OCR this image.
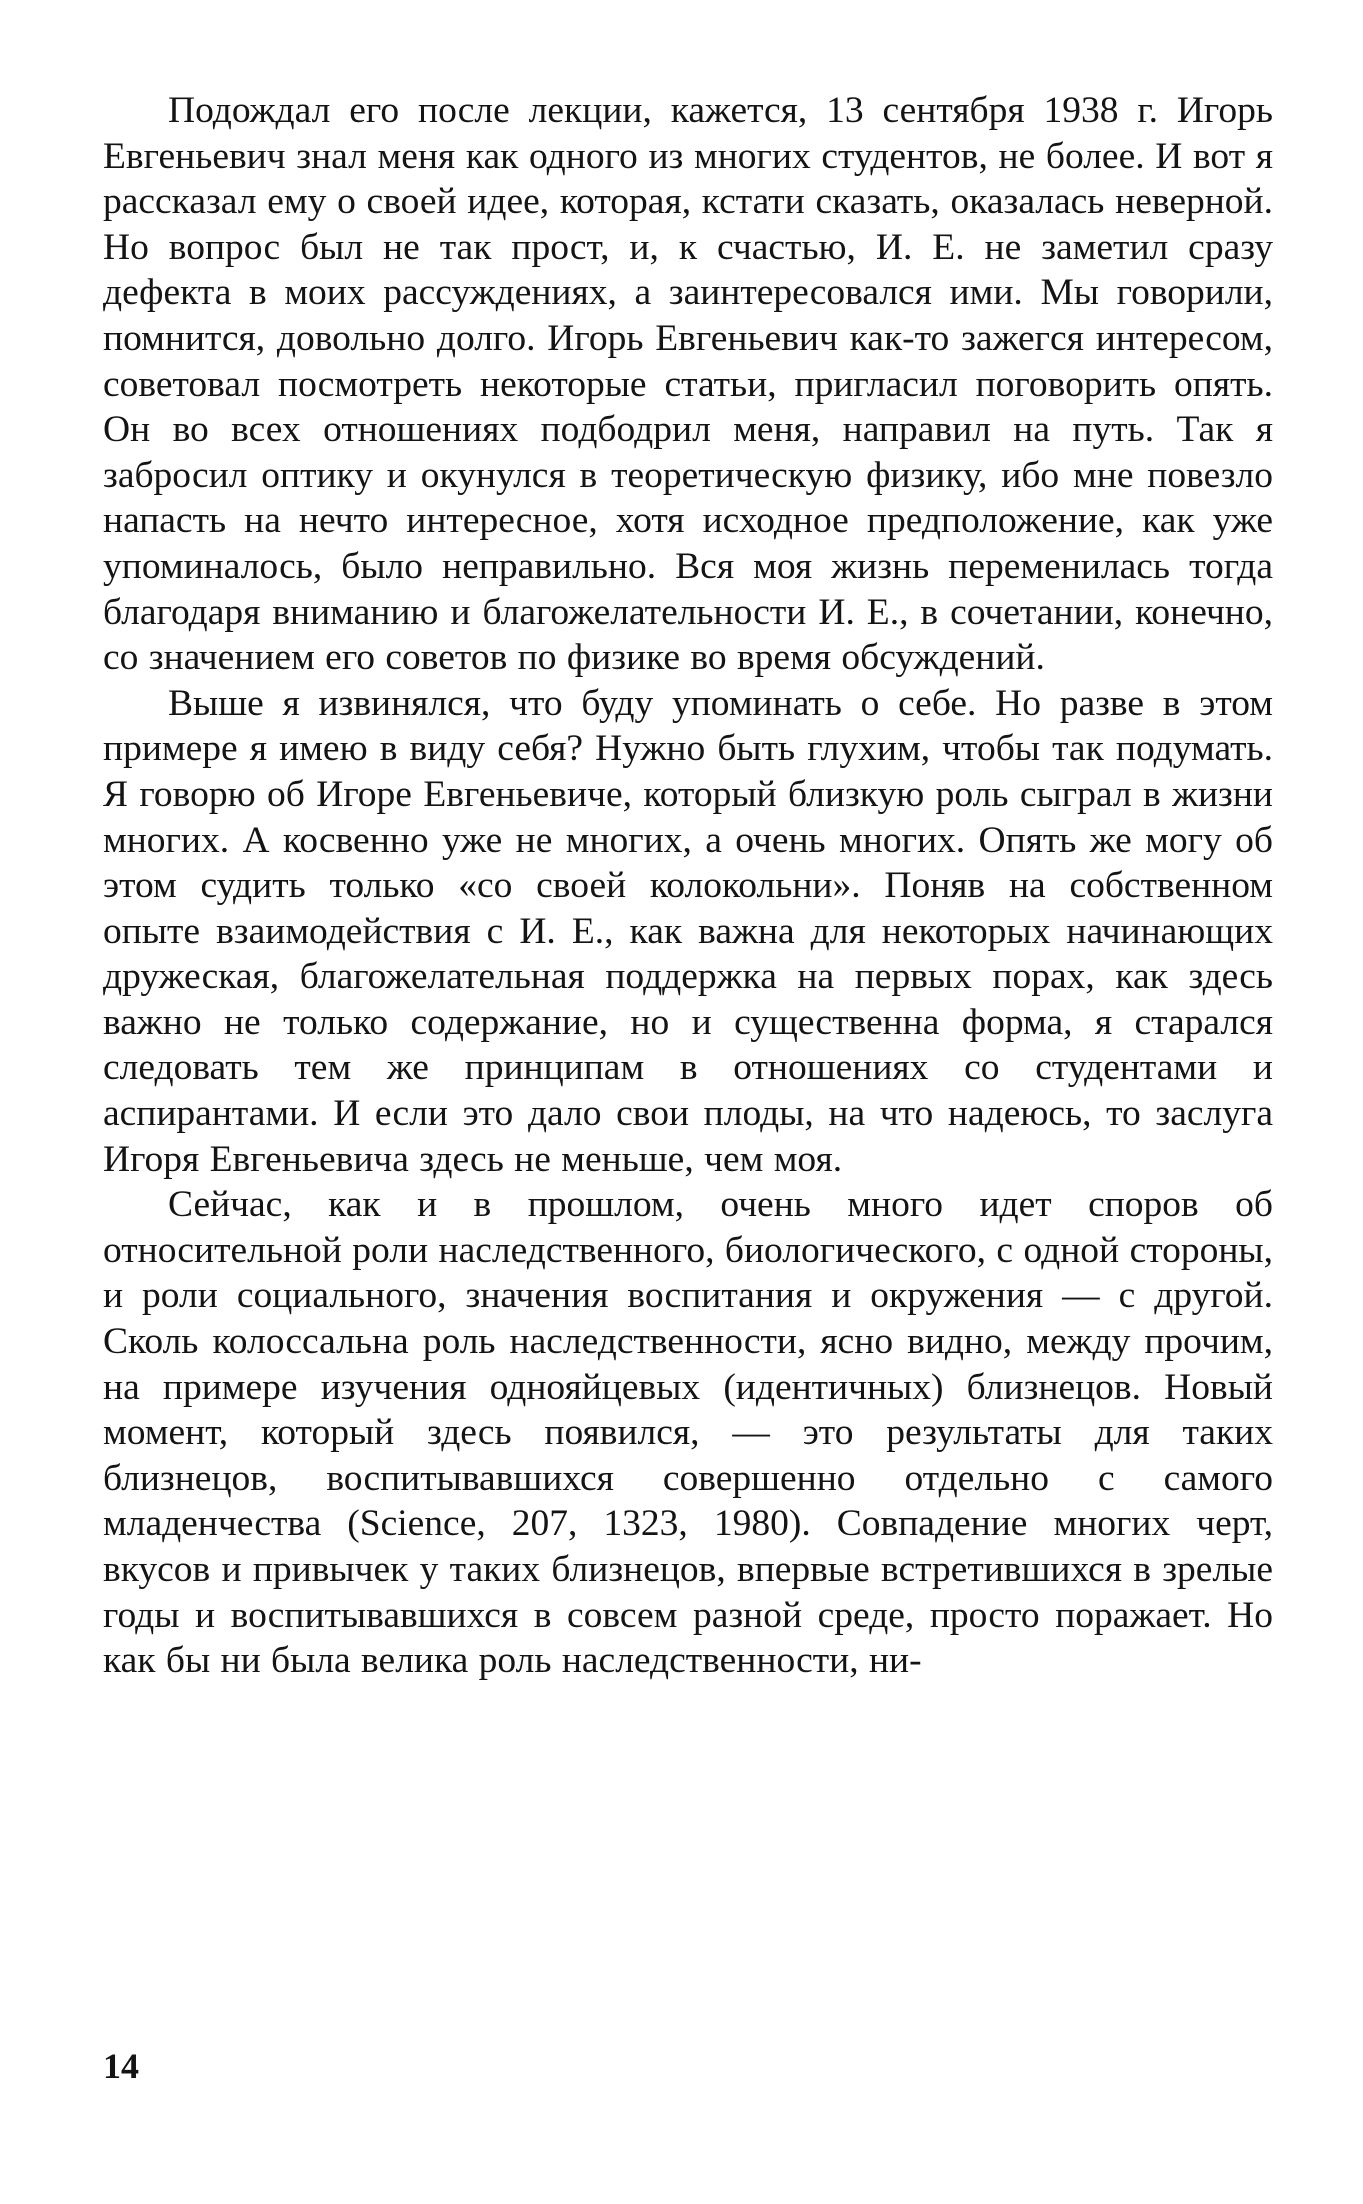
Подождал его после лекции, кажется, 13 сентября 1938 г. Игорь Евгеньевич знал меня как одного из многих студентов, не более. И вот я рассказал ему о своей идее, которая, кстати сказать, оказалась неверной. Но вопрос был не так прост, и, к счастью, И. Е. не заметил сразу дефекта в моих рассуждениях, а заинтересовался ими. Мы говорили, помнится, довольно долго. Игорь Евгеньевич как-то зажегся интересом, советовал посмотреть некоторые статьи, пригласил поговорить опять. Он во всех отношениях подбодрил меня, направил на путь. Так я забросил оптику и окунулся в теоретическую физику, ибо мне повезло напасть на нечто интересное, хотя исходное предположение, как уже упоминалось, было неправильно. Вся моя жизнь переменилась тогда благодаря вниманию и благожелательности И. Е., в сочетании, конечно, со значением его советов по физике во время обсуждений.

Выше я извинялся, что буду упоминать о себе. Но разве в этом примере я имею в виду себя? Нужно быть глухим, чтобы так подумать. Я говорю об Игоре Евгеньевиче, который близкую роль сыграл в жизни многих. А косвенно уже не многих, а очень многих. Опять же могу об этом судить только «со своей колокольни». Поняв на собственном опыте взаимодействия с И. Е., как важна для некоторых начинающих дружеская, благожелательная поддержка на первых порах, как здесь важно не только содержание, но и существенна форма, я старался следовать тем же принципам в отношениях со студентами и аспирантами. И если это дало свои плоды, на что надеюсь, то заслуга Игоря Евгеньевича здесь не меньше, чем моя.

Сейчас, как и в прошлом, очень много идет споров об относительной роли наследственного, биологического, с одной стороны, и роли социального, значения воспитания и окружения — с другой. Сколь колоссальна роль наследственности, ясно видно, между прочим, на примере изучения однояйцевых (идентичных) близнецов. Новый момент, который здесь появился, — это результаты для таких близнецов, воспитывавшихся совершенно отдельно с самого младенчества (Science, 207, 1323, 1980). Совпадение многих черт, вкусов и привычек у таких близнецов, впервые встретившихся в зрелые годы и воспитывавшихся в совсем разной среде, просто поражает. Но как бы ни была велика роль наследственности, ни-

14
